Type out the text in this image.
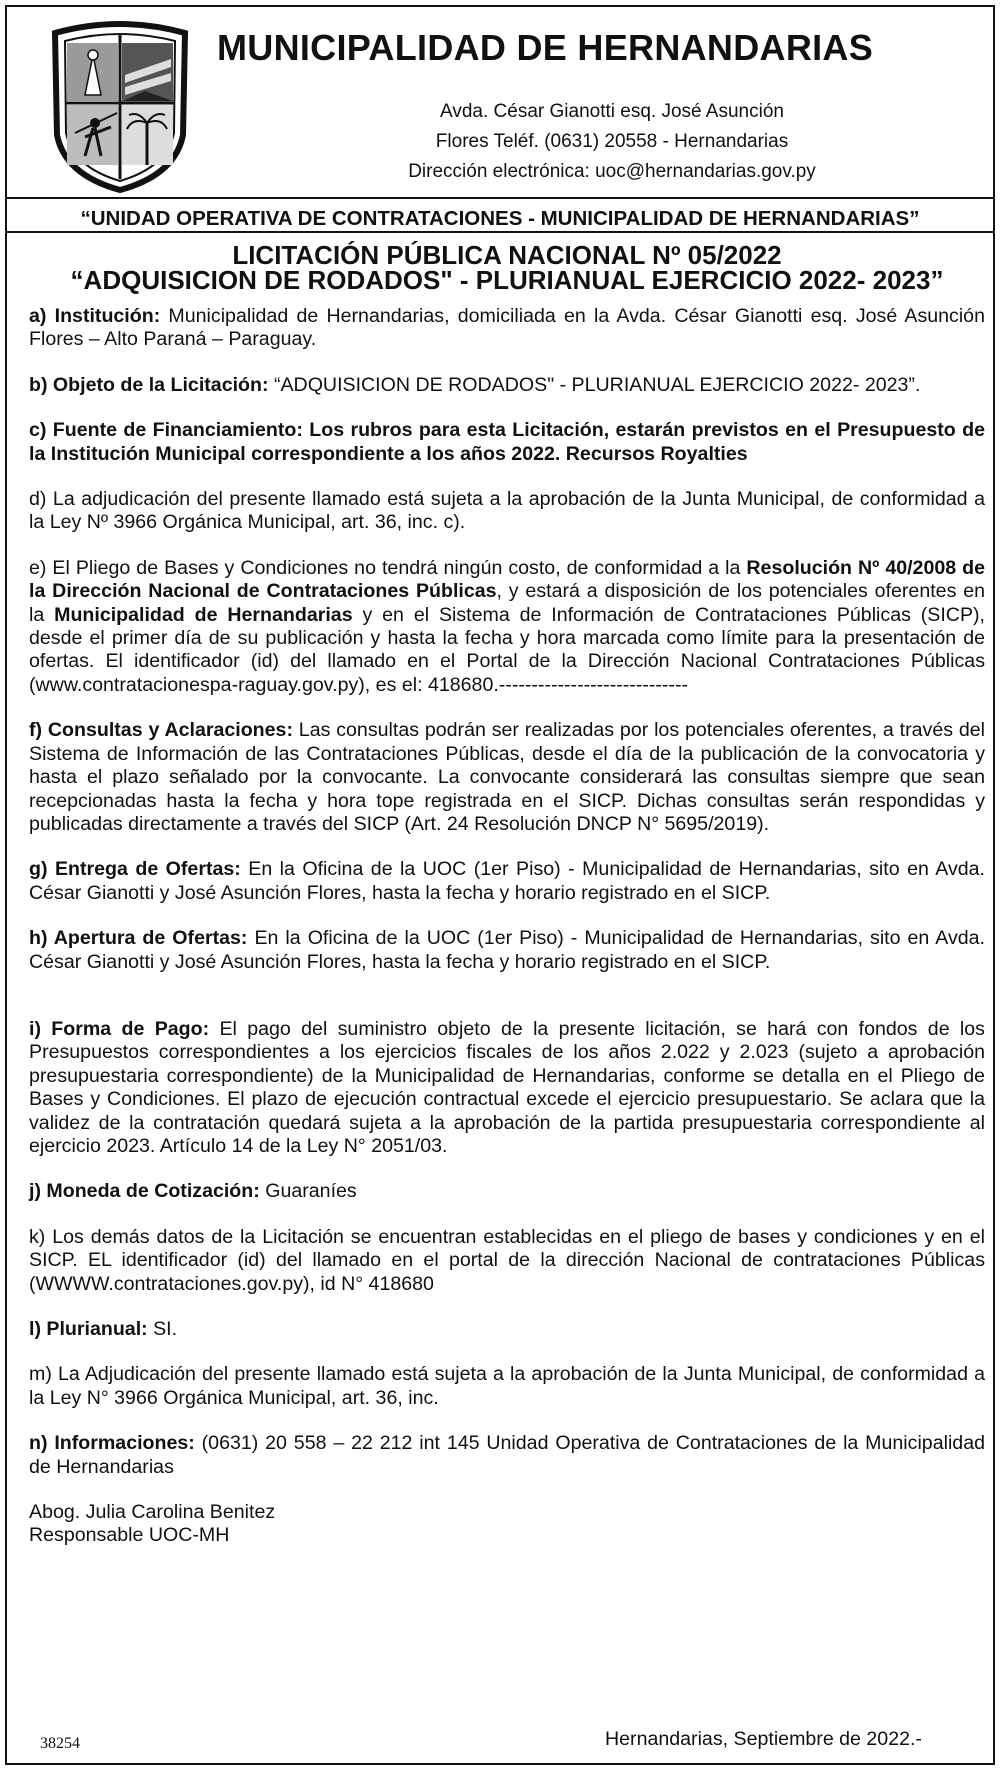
MUNICIPALIDAD DE HERNANDARIAS
Avda. César Gianotti esq. José Asunción
Flores Teléf. (0631) 20558 - Hernandarias
Dirección electrónica: uoc@hernandarias.gov.py
“UNIDAD OPERATIVA DE CONTRATACIONES - MUNICIPALIDAD DE HERNANDARIAS”
LICITACIÓN PÚBLICA NACIONAL Nº 05/2022
“ADQUISICION DE RODADOS" - PLURIANUAL EJERCICIO 2022- 2023”

a) Institución: Municipalidad de Hernandarias, domiciliada en la Avda. César Gianotti esq. José Asunción Flores – Alto Paraná – Paraguay.

b) Objeto de la Licitación: “ADQUISICION DE RODADOS" - PLURIANUAL EJERCICIO 2022- 2023”.

c) Fuente de Financiamiento: Los rubros para esta Licitación, estarán previstos en el Presupuesto de la Institución Municipal correspondiente a los años 2022. Recursos Royalties

d) La adjudicación del presente llamado está sujeta a la aprobación de la Junta Municipal, de conformidad a la Ley Nº 3966 Orgánica Municipal, art. 36, inc. c).

e) El Pliego de Bases y Condiciones no tendrá ningún costo, de conformidad a la Resolución Nº 40/2008 de la Dirección Nacional de Contrataciones Públicas, y estará a disposición de los potenciales oferentes en la Municipalidad de Hernandarias y en el Sistema de Información de Contrataciones Públicas (SICP), desde el primer día de su publicación y hasta la fecha y hora marcada como límite para la presentación de ofertas. El identificador (id) del llamado en el Portal de la Dirección Nacional Contrataciones Públicas (www.contratacionespa-raguay.gov.py), es el: 418680.-----------------------------

f) Consultas y Aclaraciones: Las consultas podrán ser realizadas por los potenciales oferentes, a través del Sistema de Información de las Contrataciones Públicas, desde el día de la publicación de la convocatoria y hasta el plazo señalado por la convocante. La convocante considerará las consultas siempre que sean recepcionadas hasta la fecha y hora tope registrada en el SICP. Dichas consultas serán respondidas y publicadas directamente a través del SICP (Art. 24 Resolución DNCP N° 5695/2019).

g) Entrega de Ofertas: En la Oficina de la UOC (1er Piso) - Municipalidad de Hernandarias, sito en Avda. César Gianotti y José Asunción Flores, hasta la fecha y horario registrado en el SICP.

h) Apertura de Ofertas: En la Oficina de la UOC (1er Piso) - Municipalidad de Hernandarias, sito en Avda. César Gianotti y José Asunción Flores, hasta la fecha y horario registrado en el SICP.

i) Forma de Pago: El pago del suministro objeto de la presente licitación, se hará con fondos de los Presupuestos correspondientes a los ejercicios fiscales de los años 2.022 y 2.023 (sujeto a aprobación presupuestaria correspondiente) de la Municipalidad de Hernandarias, conforme se detalla en el Pliego de Bases y Condiciones. El plazo de ejecución contractual excede el ejercicio presupuestario. Se aclara que la validez de la contratación quedará sujeta a la aprobación de la partida presupuestaria correspondiente al ejercicio 2023. Artículo 14 de la Ley N° 2051/03.

j) Moneda de Cotización: Guaraníes

k) Los demás datos de la Licitación se encuentran establecidas en el pliego de bases y condiciones y en el SICP. EL identificador (id) del llamado en el portal de la dirección Nacional de contrataciones Públicas (WWWW.contrataciones.gov.py), id N° 418680

l) Plurianual: SI.

m) La Adjudicación del presente llamado está sujeta a la aprobación de la Junta Municipal, de conformidad a la Ley N° 3966 Orgánica Municipal, art. 36, inc.

n) Informaciones: (0631) 20 558 – 22 212 int 145 Unidad Operativa de Contrataciones de la Municipalidad de Hernandarias

Abog. Julia Carolina Benitez
Responsable UOC-MH
38254	Hernandarias, Septiembre de 2022.-
